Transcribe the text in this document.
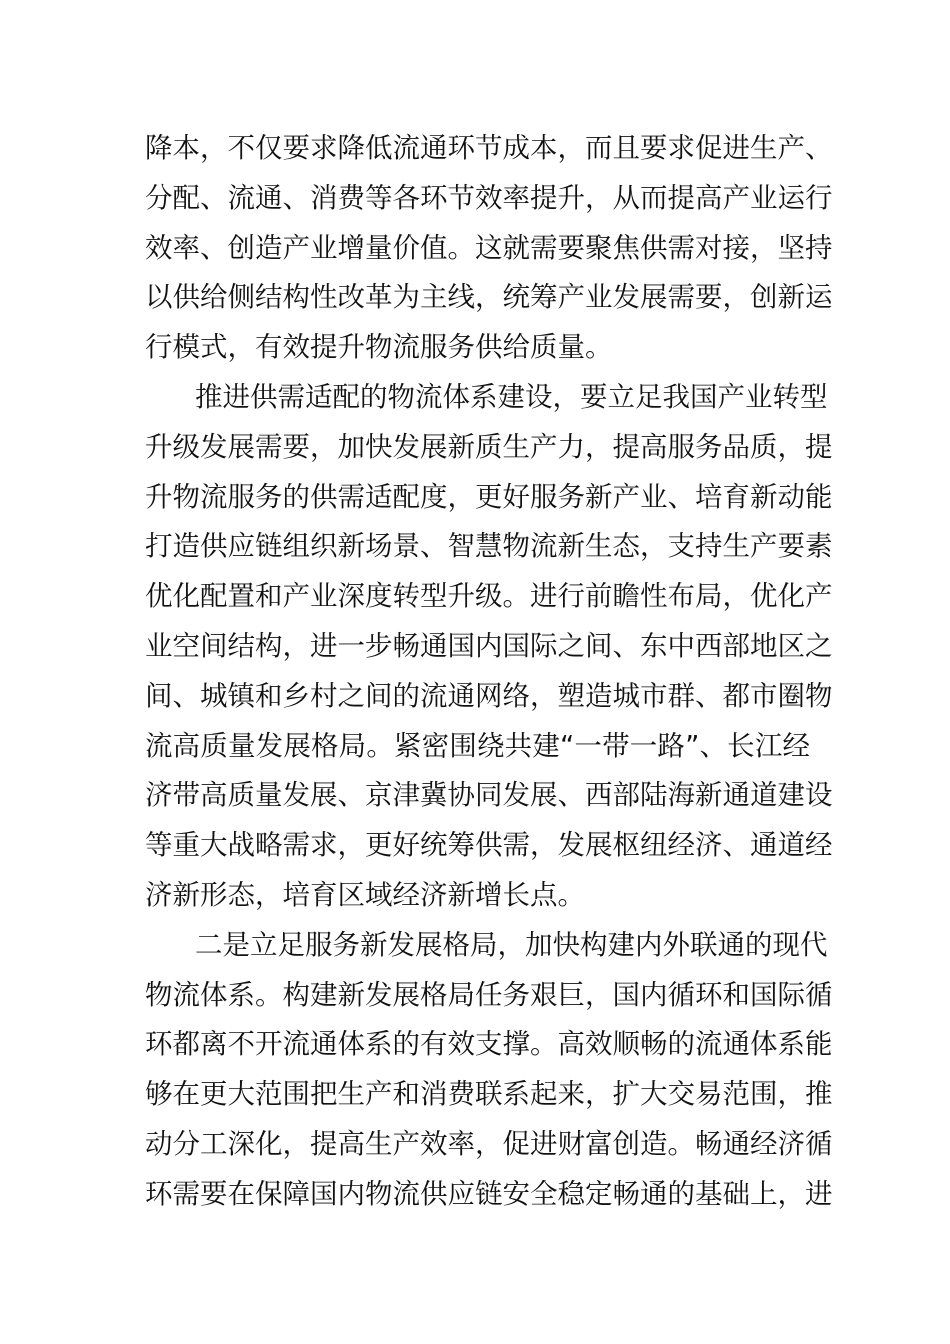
降本，不仅要求降低流通环节成本，而且要求促进生产、
分配、流通、消费等各环节效率提升，从而提高产业运行
效率、创造产业增量价值。这就需要聚焦供需对接，坚持
以供给侧结构性改革为主线，统筹产业发展需要，创新运
行模式，有效提升物流服务供给质量。
推进供需适配的物流体系建设，要立足我国产业转型
升级发展需要，加快发展新质生产力，提高服务品质，提
升物流服务的供需适配度，更好服务新产业、培育新动能
打造供应链组织新场景、智慧物流新生态，支持生产要素
优化配置和产业深度转型升级。进行前瞻性布局，优化产
业空间结构，进一步畅通国内国际之间、东中西部地区之
间、城镇和乡村之间的流通网络，塑造城市群、都市圈物
流高质量发展格局。紧密围绕共建“一带一路”、长江经
济带高质量发展、京津冀协同发展、西部陆海新通道建设
等重大战略需求，更好统筹供需，发展枢纽经济、通道经
济新形态，培育区域经济新增长点。
二是立足服务新发展格局，加快构建内外联通的现代
物流体系。构建新发展格局任务艰巨，国内循环和国际循
环都离不开流通体系的有效支撑。高效顺畅的流通体系能
够在更大范围把生产和消费联系起来，扩大交易范围，推
动分工深化，提高生产效率，促进财富创造。畅通经济循
环需要在保障国内物流供应链安全稳定畅通的基础上，进
